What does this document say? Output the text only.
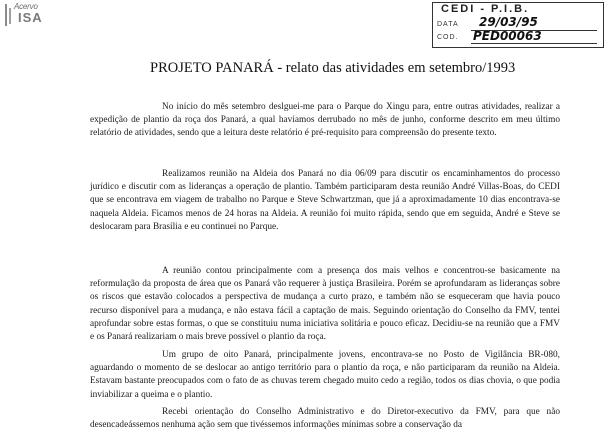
Acervo
ISA
CEDI - P.I.B.
DATA 29/03/95
COD. PED00063
PROJETO PANARÁ - relato das atividades em setembro/1993

No início do mês setembro deslguei-me para o Parque do Xingu para, entre outras atividades, realizar a expedição de plantio da roça dos Panará, a qual havíamos derrubado no mês de junho, conforme descrito em meu último relatório de atividades, sendo que a leitura deste relatório é pré-requisito para compreensão do presente texto.

Realizamos reunião na Aldeia dos Panará no dia 06/09 para discutir os encaminhamentos do processo jurídico e discutir com as lideranças a operação de plantio. Também participaram desta reunião André Villas-Boas, do CEDI que se encontrava em viagem de trabalho no Parque e Steve Schwartzman, que já a aproximadamente 10 dias encontrava-se naquela Aldeia. Ficamos menos de 24 horas na Aldeia. A reunião foi muito rápida, sendo que em seguida, André e Steve se deslocaram para Brasília e eu continuei no Parque.

A reunião contou principalmente com a presença dos mais velhos e concentrou-se basicamente na reformulação da proposta de área que os Panará vão requerer à justiça Brasileira. Porém se aprofundaram as lideranças sobre os riscos que estavão colocados a perspectiva de mudança a curto prazo, e também não se esqueceram que havia pouco recurso disponível para a mudança, e não estava fácil a captação de mais. Seguindo orientação do Conselho da FMV, tentei aprofundar sobre estas formas, o que se constituiu numa iniciativa solitária e pouco eficaz. Decidiu-se na reunião que a FMV e os Panará realizariam o mais breve possível o plantio da roça.

Um grupo de oito Panará, principalmente jovens, encontrava-se no Posto de Vigilância BR-080, aguardando o momento de se deslocar ao antigo território para o plantio da roça, e não participaram da reunião na Aldeia. Estavam bastante preocupados com o fato de as chuvas terem chegado muito cedo a região, todos os dias chovia, o que podia inviabilizar a queima e o plantio.

Recebi orientação do Conselho Administrativo e do Diretor-executivo da FMV, para que não desencadeássemos nenhuma ação sem que tivéssemos informações mínimas sobre a conservação da
